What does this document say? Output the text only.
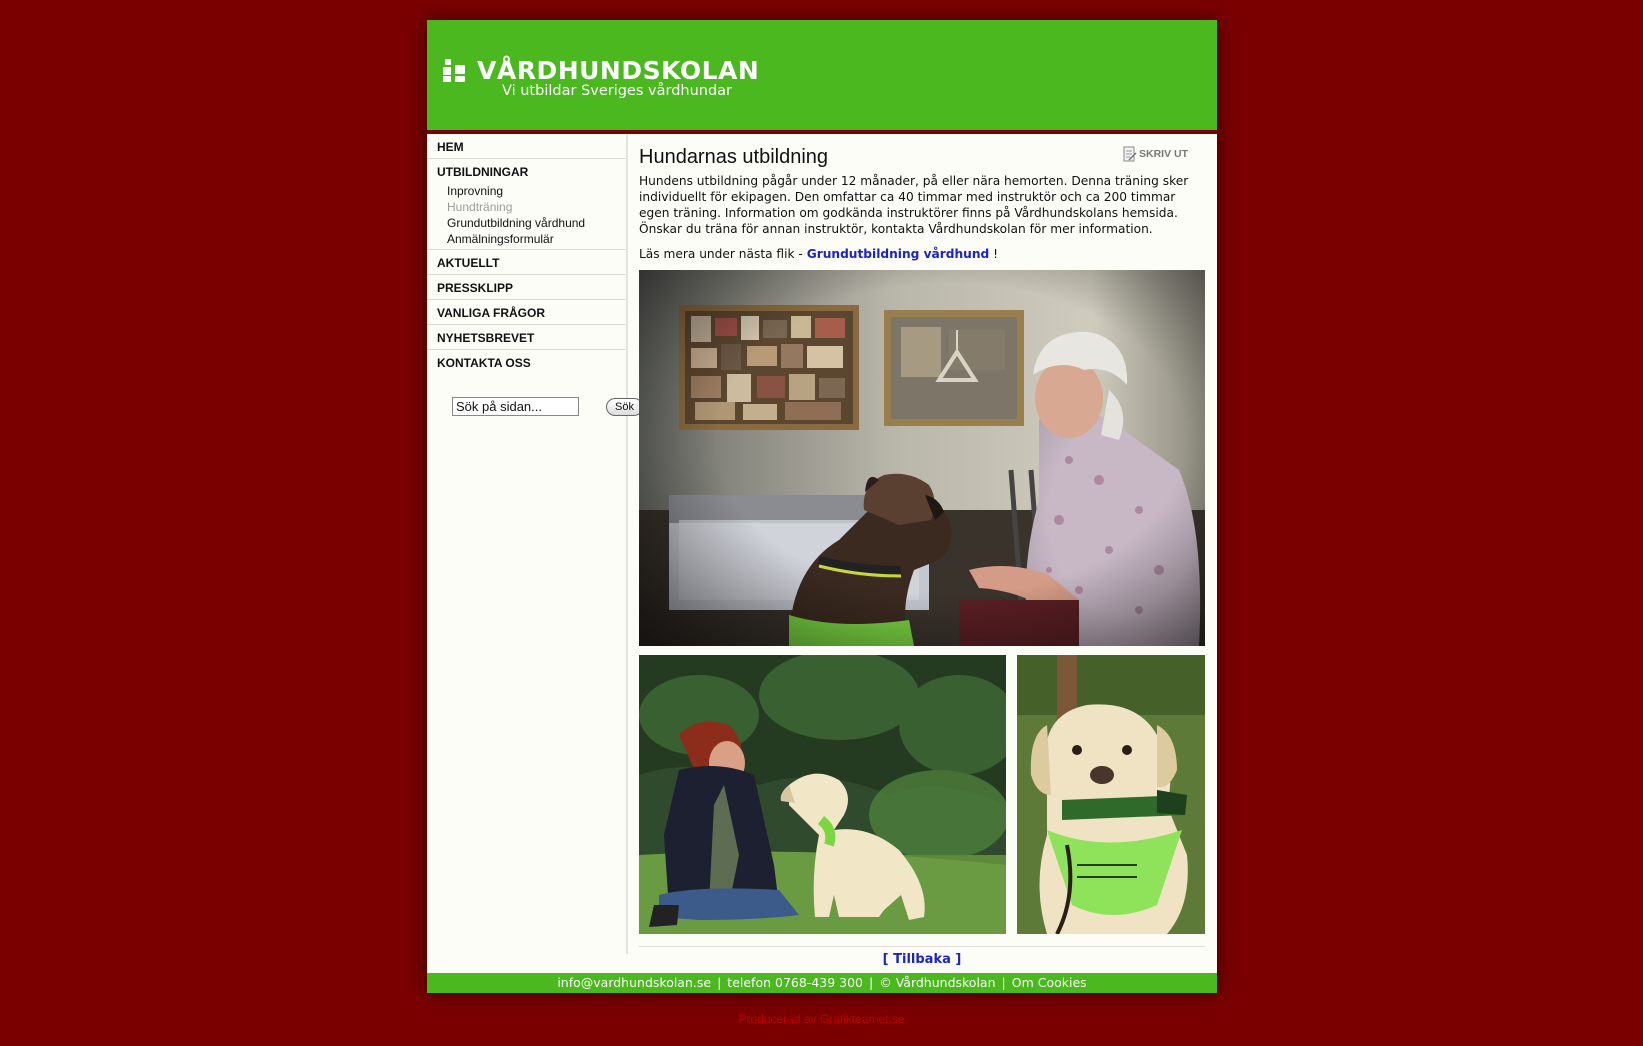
VÅRDHUNDSKOLAN
Vi utbildar Sveriges vårdhundar
HEM
UTBILDNINGAR
Inprovning
Hundträning
Grundutbildning vårdhund
Anmälningsformulär
AKTUELLT
PRESSKLIPP
VANLIGA FRÅGOR
NYHETSBREVET
KONTAKTA OSS
Sök på sidan...
Sök
Hundarnas utbildning	SKRIV UT

Hundens utbildning pågår under 12 månader, på eller nära hemorten. Denna träning sker individuellt för ekipagen. Den omfattar ca 40 timmar med instruktör och ca 200 timmar egen träning. Information om godkända instruktörer finns på Vårdhundskolans hemsida. Önskar du träna för annan instruktör, kontakta Vårdhundskolan för mer information.

Läs mera under nästa flik - Grundutbildning vårdhund !

[ Tillbaka ]
info@vardhundskolan.se | telefon 0768-439 300 | © Vårdhundskolan | Om Cookies
Producerad av Grafikteamet.se
